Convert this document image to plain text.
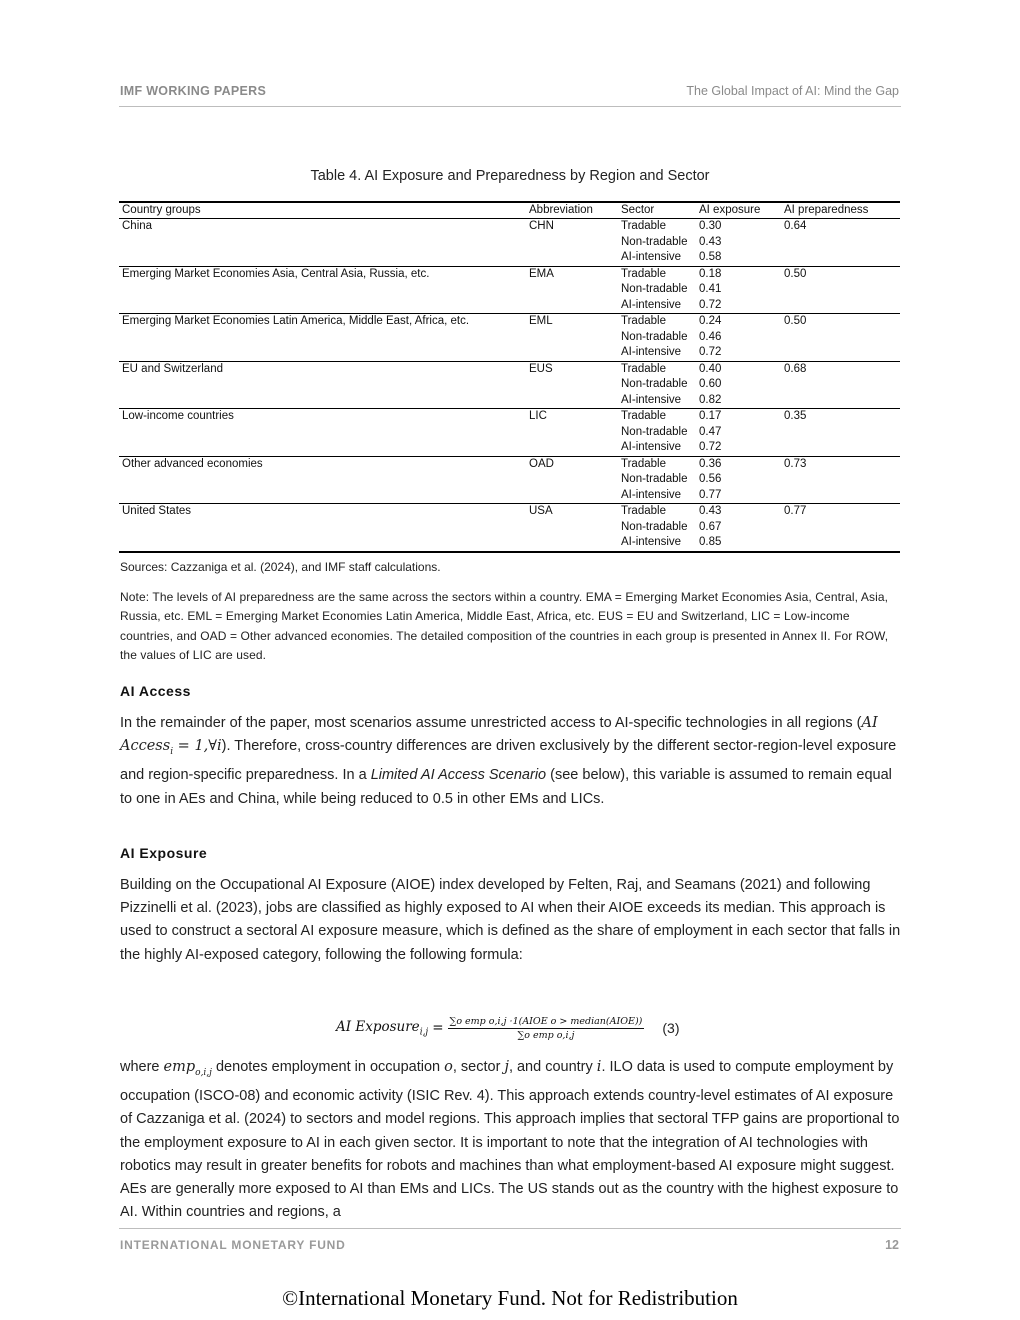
IMF WORKING PAPERS	The Global Impact of AI: Mind the Gap
Table 4. AI Exposure and Preparedness by Region and Sector
Country groups	Abbreviation	Sector	AI exposure	AI preparedness
China	CHN	Tradable	0.30	0.64
		Non-tradable	0.43	
		AI-intensive	0.58	
Emerging Market Economies Asia, Central Asia, Russia, etc.	EMA	Tradable	0.18	0.50
		Non-tradable	0.41	
		AI-intensive	0.72	
Emerging Market Economies Latin America, Middle East, Africa, etc.	EML	Tradable	0.24	0.50
		Non-tradable	0.46	
		AI-intensive	0.72	
EU and Switzerland	EUS	Tradable	0.40	0.68
		Non-tradable	0.60	
		AI-intensive	0.82	
Low-income countries	LIC	Tradable	0.17	0.35
		Non-tradable	0.47	
		AI-intensive	0.72	
Other advanced economies	OAD	Tradable	0.36	0.73
		Non-tradable	0.56	
		AI-intensive	0.77	
United States	USA	Tradable	0.43	0.77
		Non-tradable	0.67	
		AI-intensive	0.85	
Sources: Cazzaniga et al. (2024), and IMF staff calculations.
Note: The levels of AI preparedness are the same across the sectors within a country. EMA = Emerging Market Economies Asia, Central, Asia, Russia, etc. EML = Emerging Market Economies Latin America, Middle East, Africa, etc. EUS = EU and Switzerland, LIC = Low-income countries, and OAD = Other advanced economies. The detailed composition of the countries in each group is presented in Annex II. For ROW, the values of LIC are used.
AI Access
In the remainder of the paper, most scenarios assume unrestricted access to AI-specific technologies in all regions (AI Access$_i$ = 1,∀i). Therefore, cross-country differences are driven exclusively by the different sector-region-level exposure and region-specific preparedness. In a Limited AI Access Scenario (see below), this variable is assumed to remain equal to one in AEs and China, while being reduced to 0.5 in other EMs and LICs.
AI Exposure
Building on the Occupational AI Exposure (AIOE) index developed by Felten, Raj, and Seamans (2021) and following Pizzinelli et al. (2023), jobs are classified as highly exposed to AI when their AIOE exceeds its median. This approach is used to construct a sectoral AI exposure measure, which is defined as the share of employment in each sector that falls in the highly AI-exposed category, following the following formula:
AI Exposure$_{i,j}$ = $\frac{\text{∑o emp o,i,j ·1(AIOE o > median(AIOE))}}{\text{∑o emp o,i,j}} (3)$
where emp$_{o,i,j}$ denotes employment in occupation o, sector j, and country i. ILO data is used to compute employment by occupation (ISCO-08) and economic activity (ISIC Rev. 4). This approach extends country-level estimates of AI exposure of Cazzaniga et al. (2024) to sectors and model regions. This approach implies that sectoral TFP gains are proportional to the employment exposure to AI in each given sector. It is important to note that the integration of AI technologies with robotics may result in greater benefits for robots and machines than what employment-based AI exposure might suggest. AEs are generally more exposed to AI than EMs and LICs. The US stands out as the country with the highest exposure to AI. Within countries and regions, a
INTERNATIONAL MONETARY FUND	12
©International Monetary Fund. Not for Redistribution
